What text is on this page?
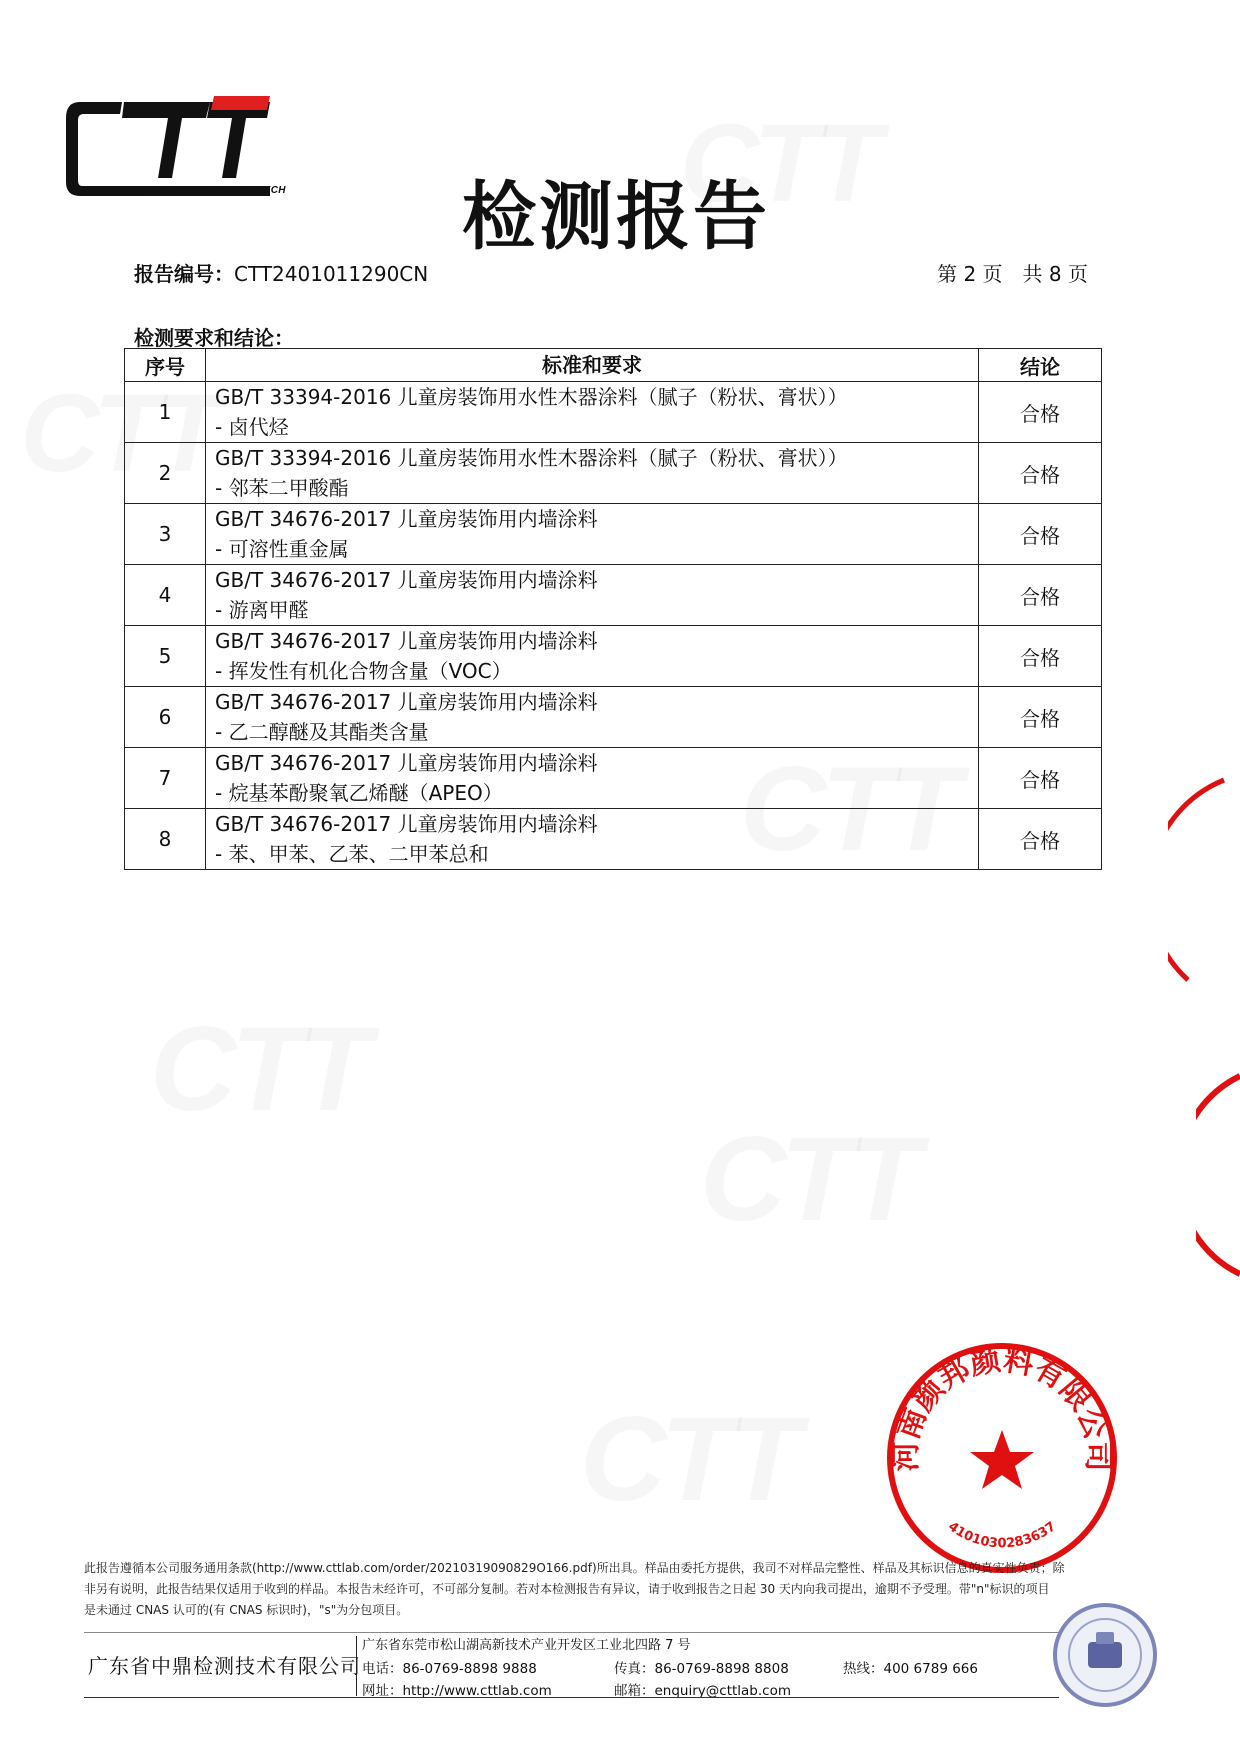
CONSUMER TESTING TECH 检测报告
报告编号：CTT2401011290CN	第 2 页　共 8 页
检测要求和结论：
序号	标准和要求	结论
1	GB/T 33394-2016 儿童房装饰用水性木器涂料（腻子（粉状、膏状））
- 卤代烃	合格
2	GB/T 33394-2016 儿童房装饰用水性木器涂料（腻子（粉状、膏状））
- 邻苯二甲酸酯	合格
3	GB/T 34676-2017 儿童房装饰用内墙涂料
- 可溶性重金属	合格
4	GB/T 34676-2017 儿童房装饰用内墙涂料
- 游离甲醛	合格
5	GB/T 34676-2017 儿童房装饰用内墙涂料
- 挥发性有机化合物含量（VOC）	合格
6	GB/T 34676-2017 儿童房装饰用内墙涂料
- 乙二醇醚及其酯类含量	合格
7	GB/T 34676-2017 儿童房装饰用内墙涂料
- 烷基苯酚聚氧乙烯醚（APEO）	合格
8	GB/T 34676-2017 儿童房装饰用内墙涂料
- 苯、甲苯、乙苯、二甲苯总和	合格
河南颜邦颜料有限公司
4101030283637
此报告遵循本公司服务通用条款(http://www.cttlab.com/order/20210319090829O166.pdf)所出具。样品由委托方提供，我司不对样品完整性、样品及其标识信息的真实性负责；除
非另有说明，此报告结果仅适用于收到的样品。本报告未经许可，不可部分复制。若对本检测报告有异议，请于收到报告之日起 30 天内向我司提出，逾期不予受理。带"n"标识的项目
是未通过 CNAS 认可的(有 CNAS 标识时)，"s"为分包项目。
广东省中鼎检测技术有限公司
广东省东莞市松山湖高新技术产业开发区工业北四路 7 号
电话：86-0769-8898 9888	传真：86-0769-8898 8808	热线：400 6789 666
网址：http://www.cttlab.com	邮箱：enquiry@cttlab.com
